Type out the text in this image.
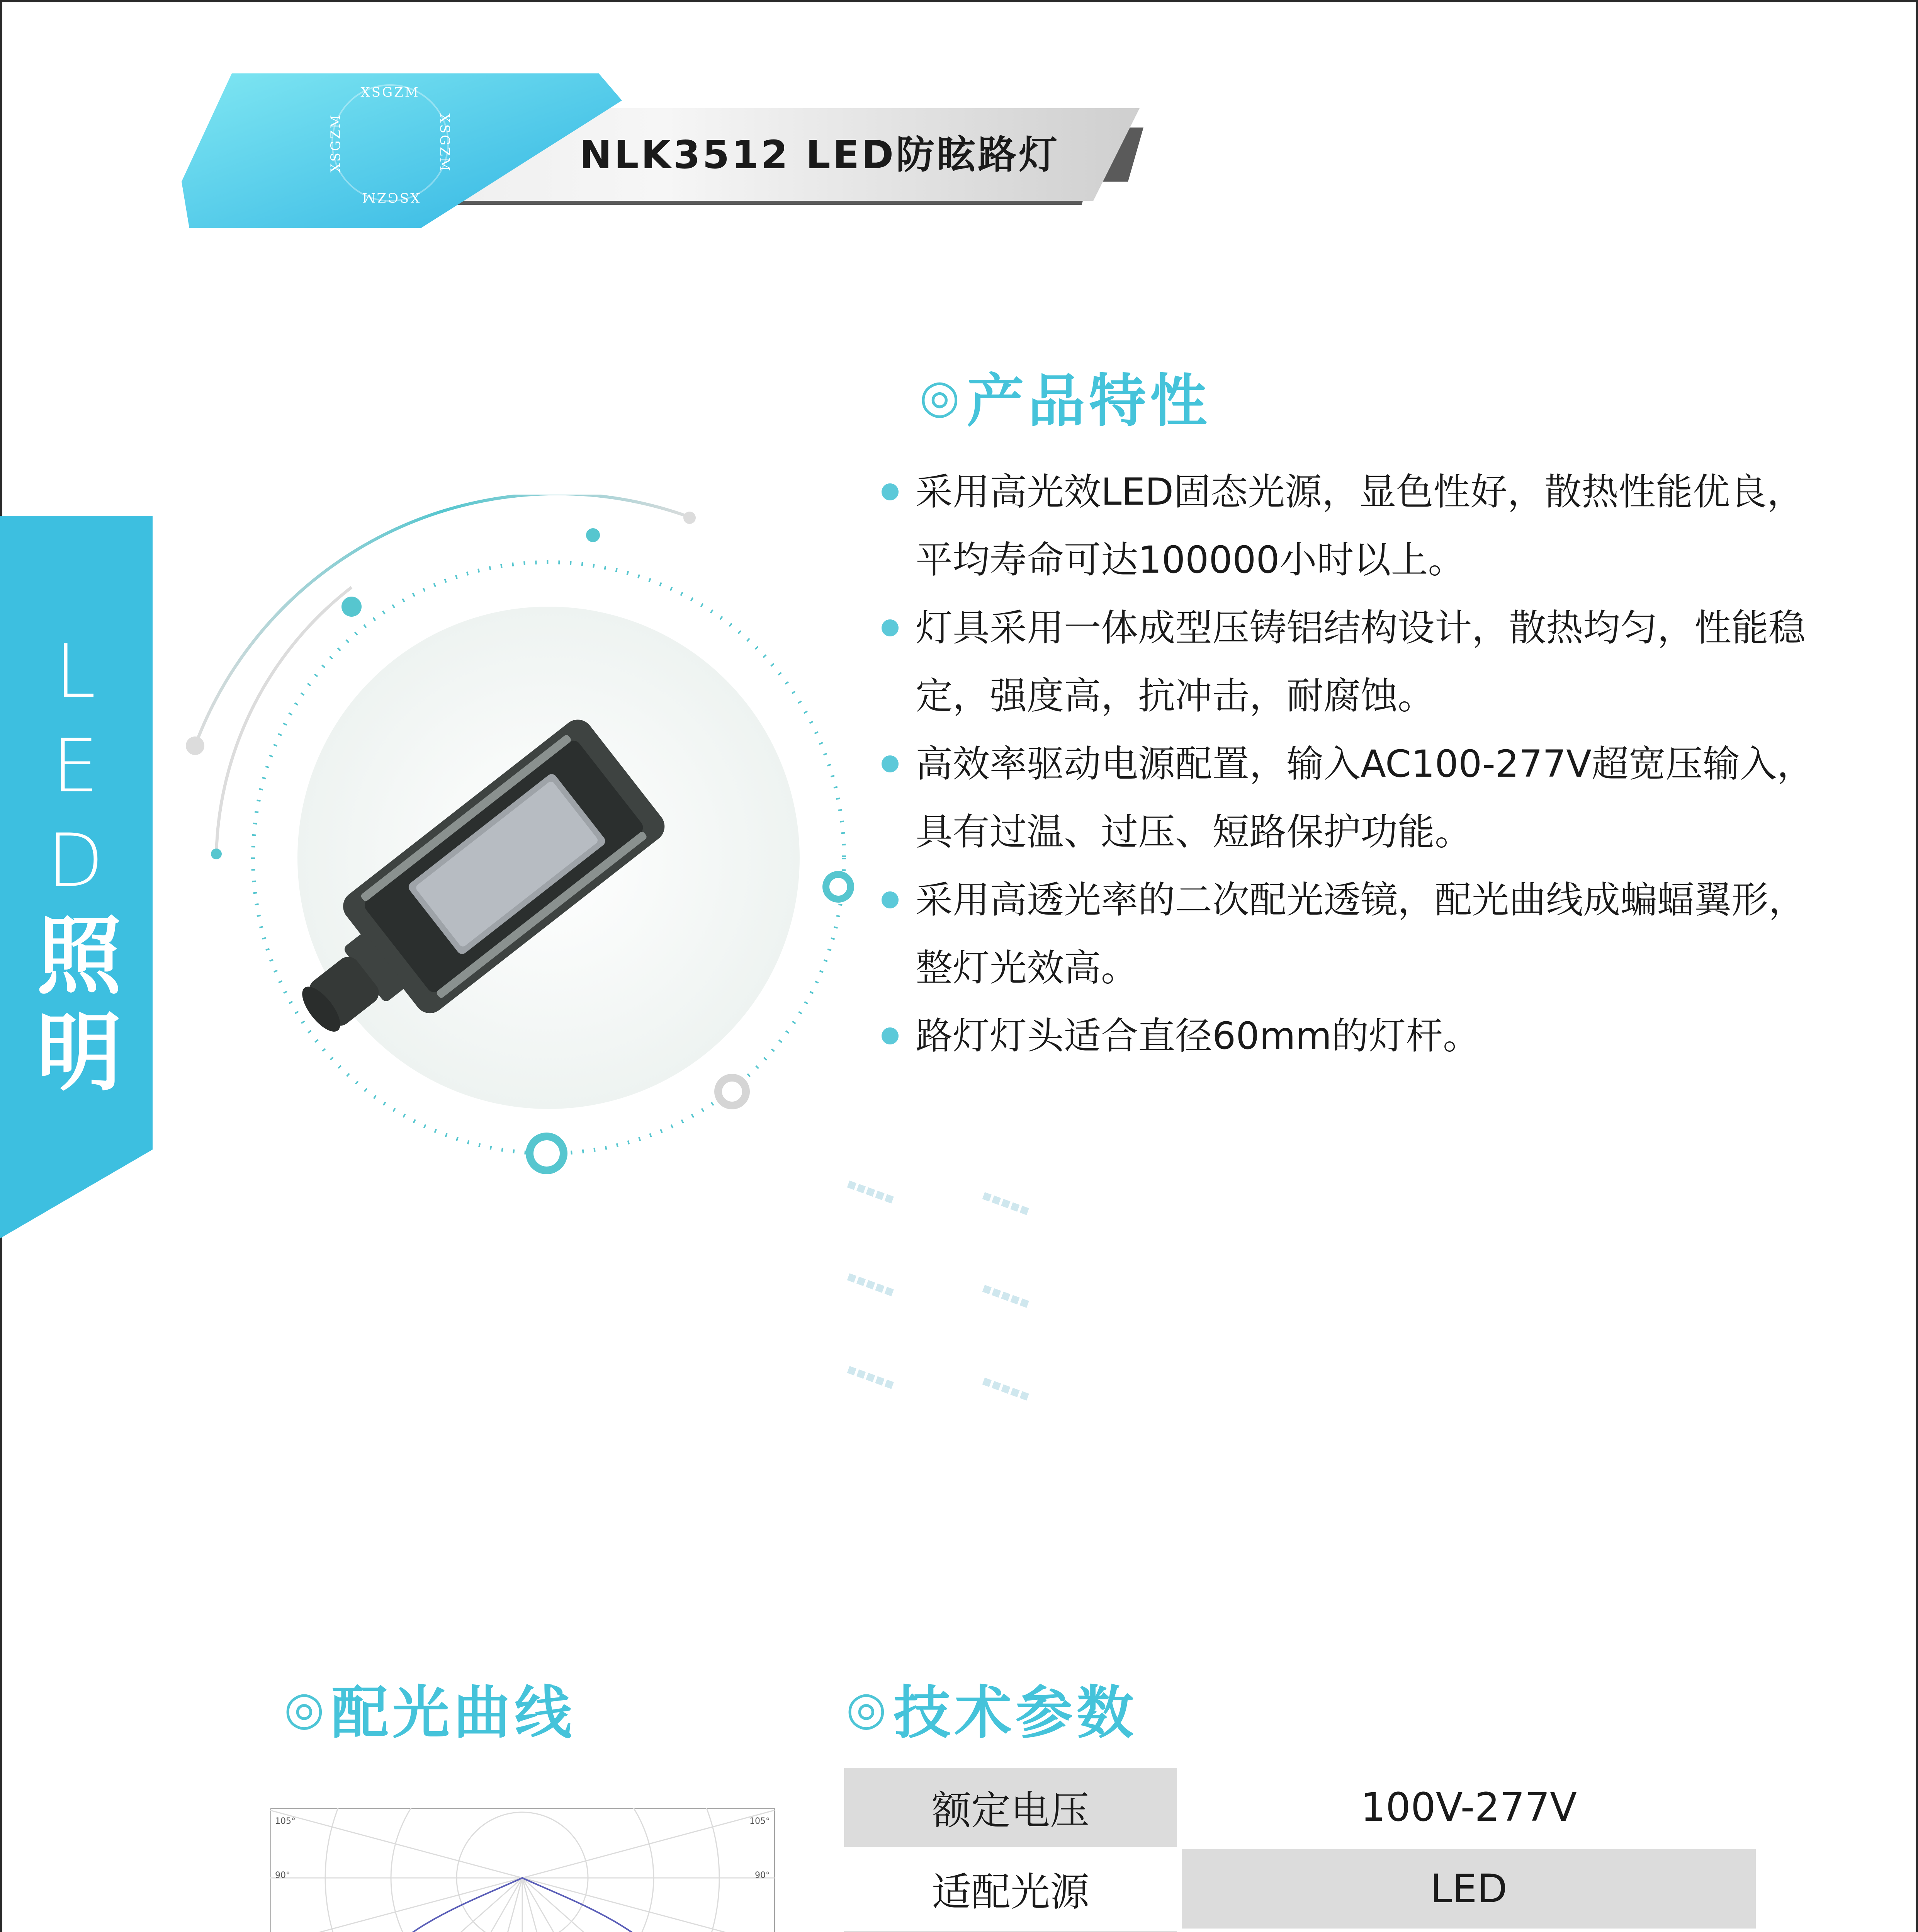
XSGZM
XSGZM
XSGZM	XSGZM	NLK3512 LED防眩路灯
L
E
D
照
明
◎ 产品特性
采用高光效LED固态光源，显色性好，散热性能优良，平均寿命可达100000小时以上。
灯具采用一体成型压铸铝结构设计，散热均匀，性能稳定，强度高，抗冲击，耐腐蚀。
高效率驱动电源配置，输入AC100-277V超宽压输入，具有过温、过压、短路保护功能。
采用高透光率的二次配光透镜，配光曲线成蝙蝠翼形，整灯光效高。
路灯灯头适合直径60mm的灯杆。
▪▪▪▪▪	▪▪▪▪▪
▪▪▪▪▪	▪▪▪▪▪
▪▪▪▪▪	▪▪▪▪▪
◎ 配光曲线
105°
90°
105°
90°
◎ 技术参数
额定电压	100V-277V
适配光源	LED
